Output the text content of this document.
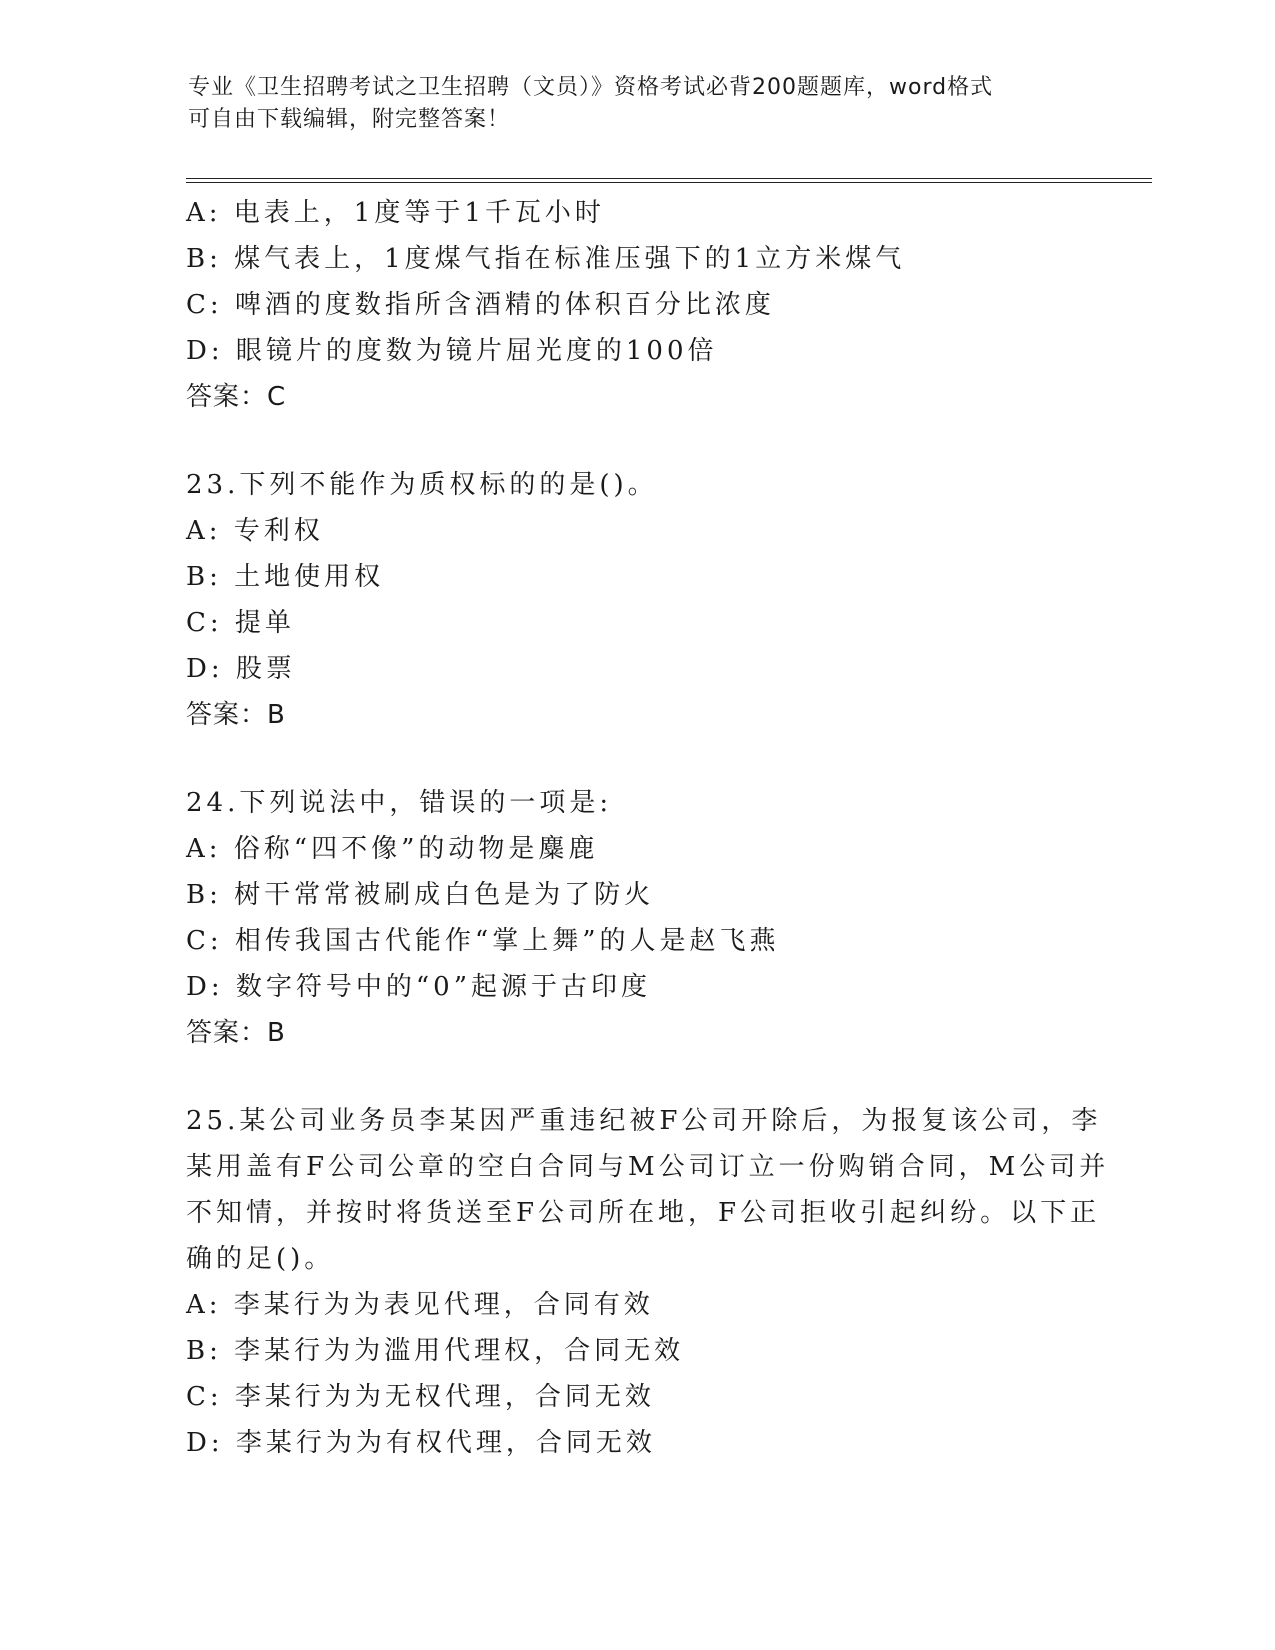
专业《卫生招聘考试之卫生招聘（文员）》资格考试必背200题题库，word格式
可自由下载编辑，附完整答案！
A: 电表上，1度等于1千瓦小时
B: 煤气表上，1度煤气指在标准压强下的1立方米煤气
C: 啤酒的度数指所含酒精的体积百分比浓度
D: 眼镜片的度数为镜片屈光度的100倍
答案：C
23.下列不能作为质权标的的是()。
A: 专利权
B: 土地使用权
C: 提单
D: 股票
答案：B
24.下列说法中，错误的一项是:
A: 俗称“四不像”的动物是麋鹿
B: 树干常常被刷成白色是为了防火
C: 相传我国古代能作“掌上舞”的人是赵飞燕
D: 数字符号中的“0”起源于古印度
答案：B
25.某公司业务员李某因严重违纪被F公司开除后，为报复该公司，李
某用盖有F公司公章的空白合同与M公司订立一份购销合同，M公司并
不知情，并按时将货送至F公司所在地，F公司拒收引起纠纷。以下正
确的足()。
A: 李某行为为表见代理，合同有效
B: 李某行为为滥用代理权，合同无效
C: 李某行为为无权代理，合同无效
D: 李某行为为有权代理，合同无效
